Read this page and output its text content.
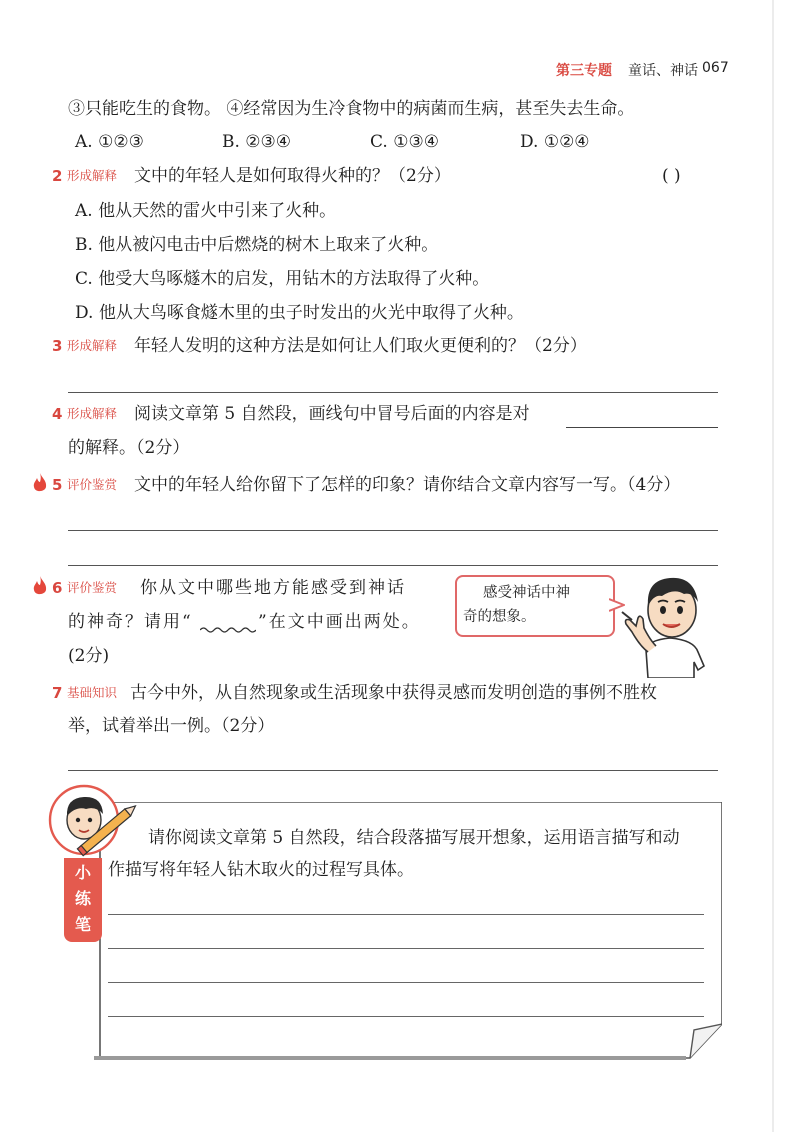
第三专题 童话、神话 067
③只能吃生的食物。 ④经常因为生冷食物中的病菌而生病，甚至失去生命。
A. ①②③	B. ②③④	C. ①③④	D. ①②④
2 形成解释 文中的年轻人是如何取得火种的？（2分）	( )
A. 他从天然的雷火中引来了火种。
B. 他从被闪电击中后燃烧的树木上取来了火种。
C. 他受大鸟啄燧木的启发，用钻木的方法取得了火种。
D. 他从大鸟啄食燧木里的虫子时发出的火光中取得了火种。
3 形成解释 年轻人发明的这种方法是如何让人们取火更便利的？（2分）
4 形成解释 阅读文章第 5 自然段，画线句中冒号后面的内容是对
的解释。（2分）
5 评价鉴赏 文中的年轻人给你留下了怎样的印象？请你结合文章内容写一写。（4分）
6 评价鉴赏 你从文中哪些地方能感受到神话
的神奇？请用“	”在文中画出两处。
(2分)
感受神话中神
奇的想象。
7 基础知识 古今中外，从自然现象或生活现象中获得灵感而发明创造的事例不胜枚
举，试着举出一例。（2分）
小
练
笔
请你阅读文章第 5 自然段，结合段落描写展开想象，运用语言描写和动
作描写将年轻人钻木取火的过程写具体。
